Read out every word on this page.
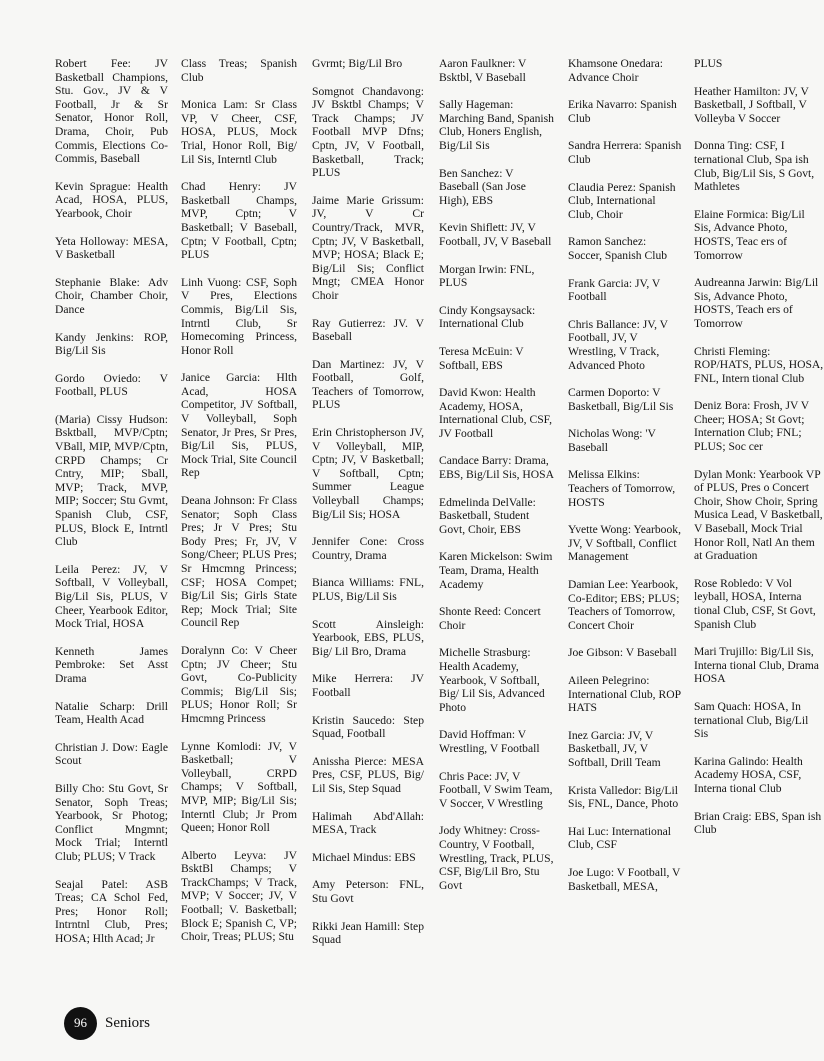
Robert Fee: JV Basketball Champions, Stu. Gov., JV & V Football, Jr & Sr Senator, Honor Roll, Drama, Choir, Pub Commis, Elections Co-Commis, Baseball

Kevin Sprague: Health Acad, HOSA, PLUS, Yearbook, Choir

Yeta Holloway: MESA, V Basketball

Stephanie Blake: Adv Choir, Chamber Choir, Dance

Kandy Jenkins: ROP, Big/Lil Sis

Gordo Oviedo: V Football, PLUS

(Maria) Cissy Hudson: Bsktball, MVP/Cptn; VBall, MIP, MVP/Cptn, CRPD Champs; Cr Cntry, MIP; Sball, MVP; Track, MVP, MIP; Soccer; Stu Gvmt, Spanish Club, CSF, PLUS, Block E, Intrntl Club

Leila Perez: JV, V Softball, V Volleyball, Big/Lil Sis, PLUS, V Cheer, Yearbook Editor, Mock Trial, HOSA

Kenneth James Pembroke: Set Asst Drama

Natalie Scharp: Drill Team, Health Acad

Christian J. Dow: Eagle Scout

Billy Cho: Stu Govt, Sr Senator, Soph Treas; Yearbook, Sr Photog; Conflict Mngmnt; Mock Trial; Interntl Club; PLUS; V Track

Seajal Patel: ASB Treas; CA Schol Fed, Pres; Honor Roll; Intrntnl Club, Pres; HOSA; Hlth Acad; Jr

Class Treas; Spanish Club

Monica Lam: Sr Class VP, V Cheer, CSF, HOSA, PLUS, Mock Trial, Honor Roll, Big/ Lil Sis, Interntl Club

Chad Henry: JV Basketball Champs, MVP, Cptn; V Basketball; V Baseball, Cptn; V Football, Cptn; PLUS

Linh Vuong: CSF, Soph V Pres, Elections Commis, Big/Lil Sis, Intrntl Club, Sr Homecoming Princess, Honor Roll

Janice Garcia: Hlth Acad, HOSA Competitor, JV Softball, V Volleyball, Soph Senator, Jr Pres, Sr Pres, Big/Lil Sis, PLUS, Mock Trial, Site Council Rep

Deana Johnson: Fr Class Senator; Soph Class Pres; Jr V Pres; Stu Body Pres; Fr, JV, V Song/Cheer; PLUS Pres; Sr Hmcmng Princess; CSF; HOSA Compet; Big/Lil Sis; Girls State Rep; Mock Trial; Site Council Rep

Doralynn Co: V Cheer Cptn; JV Cheer; Stu Govt, Co-Publicity Commis; Big/Lil Sis; PLUS; Honor Roll; Sr Hmcmng Princess

Lynne Komlodi: JV, V Basketball; V Volleyball, CRPD Champs; V Softball, MVP, MIP; Big/Lil Sis; Interntl Club; Jr Prom Queen; Honor Roll

Alberto Leyva: JV BsktBl Champs; V TrackChamps; V Track, MVP; V Soccer; JV, V Football; V. Basketball; Block E; Spanish C, VP; Choir, Treas; PLUS; Stu

Gvrmt; Big/Lil Bro

Somgnot Chandavong: JV Bsktbl Champs; V Track Champs; JV Football MVP Dfns; Cptn, JV, V Football, Basketball, Track; PLUS

Jaime Marie Grissum: JV, V Cr Country/Track, MVR, Cptn; JV, V Basketball, MVP; HOSA; Black E; Big/Lil Sis; Conflict Mngt; CMEA Honor Choir

Ray Gutierrez: JV. V Baseball

Dan Martinez: JV, V Football, Golf, Teachers of Tomorrow, PLUS

Erin Christopherson JV, V Volleyball, MIP, Cptn; JV, V Basketball; V Softball, Cptn; Summer League Volleyball Champs; Big/Lil Sis; HOSA

Jennifer Cone: Cross Country, Drama

Bianca Williams: FNL, PLUS, Big/Lil Sis

Scott Ainsleigh: Yearbook, EBS, PLUS, Big/ Lil Bro, Drama

Mike Herrera: JV Football

Kristin Saucedo: Step Squad, Football

Anissha Pierce: MESA Pres, CSF, PLUS, Big/ Lil Sis, Step Squad

Halimah Abd'Allah: MESA, Track

Michael Mindus: EBS

Amy Peterson: FNL, Stu Govt

Rikki Jean Hamill: Step Squad

Aaron Faulkner: V Bsktbl, V Baseball

Sally Hageman: Marching Band, Spanish Club, Honers English, Big/Lil Sis

Ben Sanchez: V Baseball (San Jose High), EBS

Kevin Shiflett: JV, V Football, JV, V Baseball

Morgan Irwin: FNL, PLUS

Cindy Kongsaysack: International Club

Teresa McEuin: V Softball, EBS

David Kwon: Health Academy, HOSA, International Club, CSF, JV Football

Candace Barry: Drama, EBS, Big/Lil Sis, HOSA

Edmelinda DelValle: Basketball, Student Govt, Choir, EBS

Karen Mickelson: Swim Team, Drama, Health Academy

Shonte Reed: Concert Choir

Michelle Strasburg: Health Academy, Yearbook, V Softball, Big/ Lil Sis, Advanced Photo

David Hoffman: V Wrestling, V Football

Chris Pace: JV, V Football, V Swim Team, V Soccer, V Wrestling

Jody Whitney: Cross-Country, V Football, Wrestling, Track, PLUS, CSF, Big/Lil Bro, Stu Govt

Khamsone Onedara: Advance Choir

Erika Navarro: Spanish Club

Sandra Herrera: Spanish Club

Claudia Perez: Spanish Club, International Club, Choir

Ramon Sanchez: Soccer, Spanish Club

Frank Garcia: JV, V Football

Chris Ballance: JV, V Football, JV, V Wrestling, V Track, Advanced Photo

Carmen Doporto: V Basketball, Big/Lil Sis

Nicholas Wong: 'V Baseball

Melissa Elkins: Teachers of Tomorrow, HOSTS

Yvette Wong: Yearbook, JV, V Softball, Conflict Management

Damian Lee: Yearbook, Co-Editor; EBS; PLUS; Teachers of Tomorrow, Concert Choir

Joe Gibson: V Baseball

Aileen Pelegrino: International Club, ROP HATS

Inez Garcia: JV, V Basketball, JV, V Softball, Drill Team

Krista Valledor: Big/Lil Sis, FNL, Dance, Photo

Hai Luc: International Club, CSF

Joe Lugo: V Football, V Basketball, MESA,

PLUS

Heather Hamilton: JV, V Basketball, J Softball, V Volleyba V Soccer

Donna Ting: CSF, I ternational Club, Spa ish Club, Big/Lil Sis, S Govt, Mathletes

Elaine Formica: Big/Lil Sis, Advance Photo, HOSTS, Teac ers of Tomorrow

Audreanna Jarwin: Big/Lil Sis, Advance Photo, HOSTS, Teach ers of Tomorrow

Christi Fleming: ROP/HATS, PLUS, HOSA, FNL, Intern tional Club

Deniz Bora: Frosh, JV V Cheer; HOSA; St Govt; Internation Club; FNL; PLUS; Soc cer

Dylan Monk: Yearbook VP of PLUS, Pres o Concert Choir, Show Choir, Spring Musica Lead, V Basketball, V Baseball, Mock Trial Honor Roll, Natl An them at Graduation

Rose Robledo: V Vol leyball, HOSA, Interna tional Club, CSF, St Govt, Spanish Club

Mari Trujillo: Big/Lil Sis, Interna tional Club, Drama HOSA

Sam Quach: HOSA, In ternational Club, Big/Lil Sis

Karina Galindo: Health Academy HOSA, CSF, Interna tional Club

Brian Craig: EBS, Span ish Club

96 Seniors
